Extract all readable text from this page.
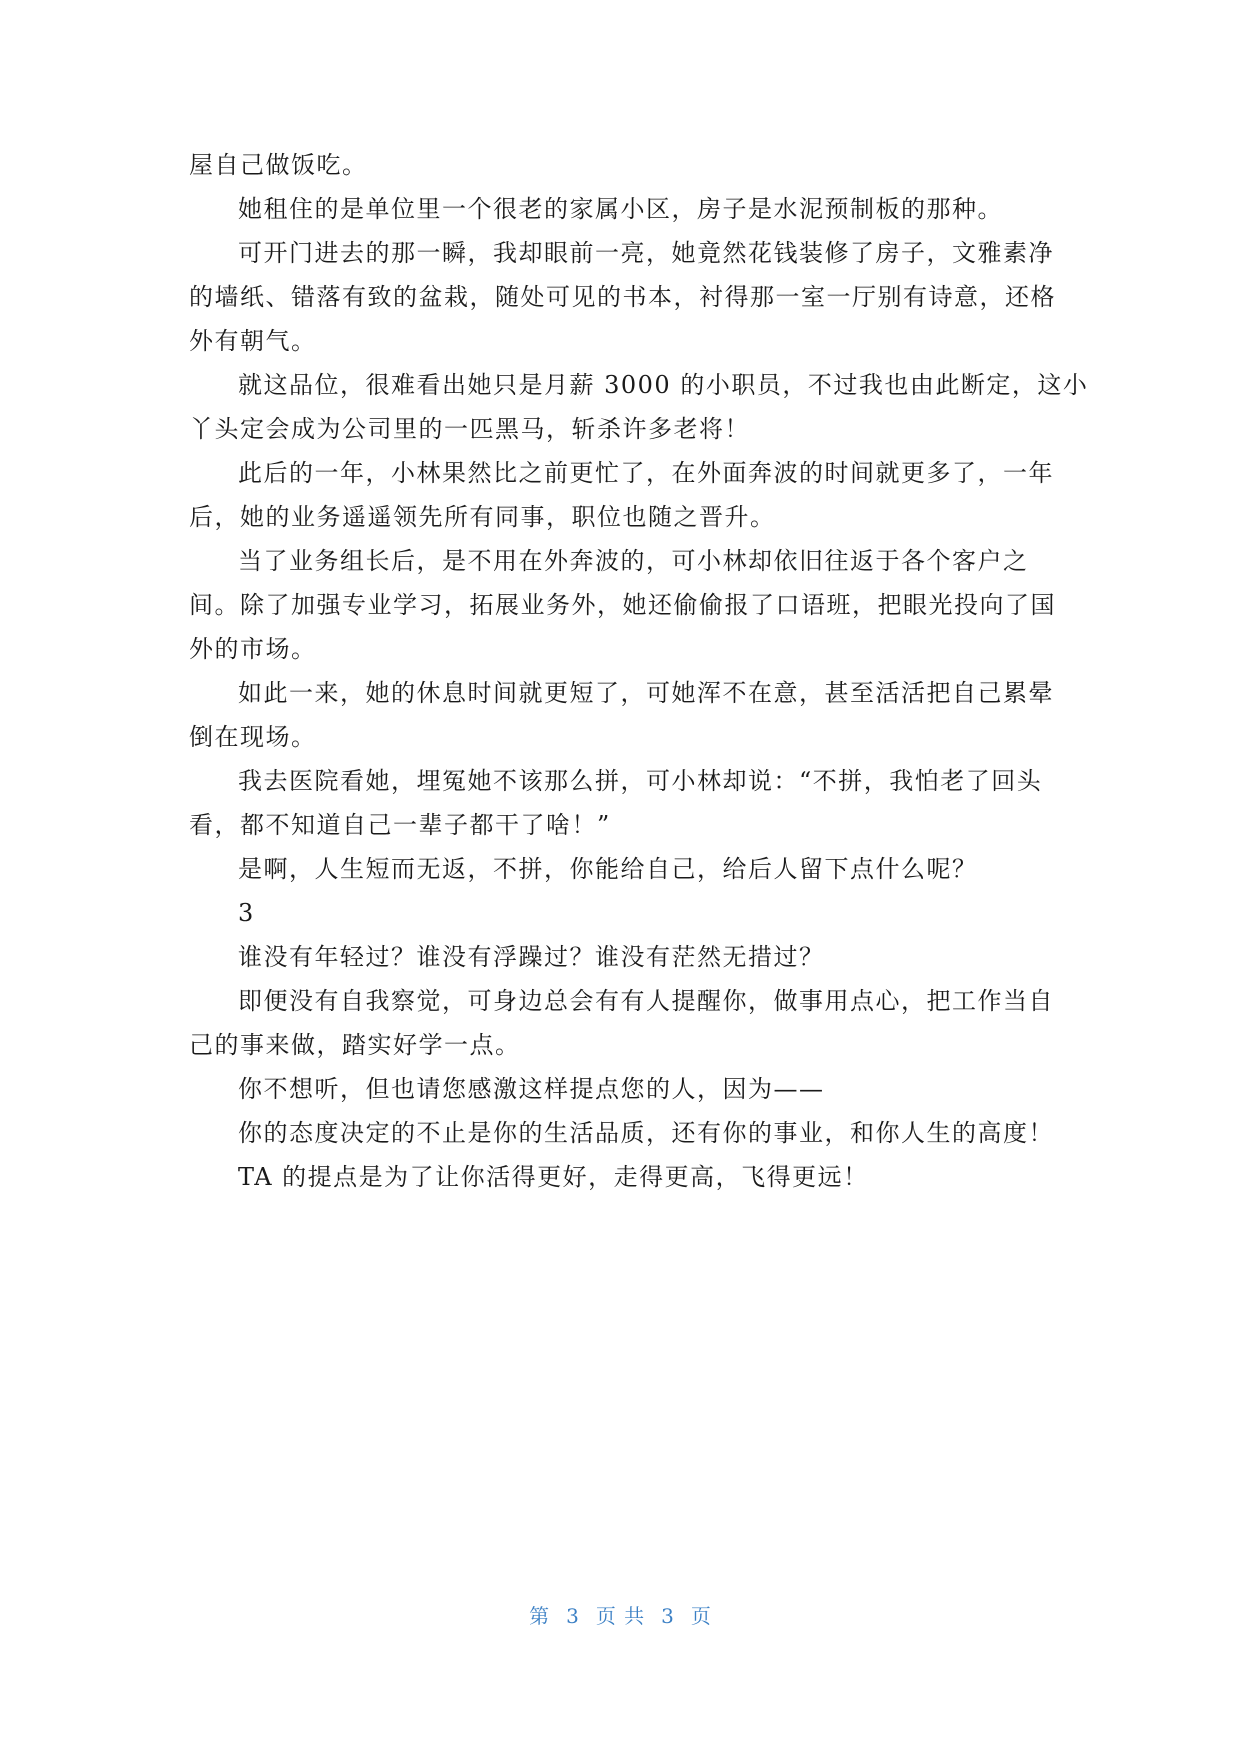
屋自己做饭吃。
她租住的是单位里一个很老的家属小区，房子是水泥预制板的那种。
可开门进去的那一瞬，我却眼前一亮，她竟然花钱装修了房子，文雅素净
的墙纸、错落有致的盆栽，随处可见的书本，衬得那一室一厅别有诗意，还格
外有朝气。
就这品位，很难看出她只是月薪 3000 的小职员，不过我也由此断定，这小
丫头定会成为公司里的一匹黑马，斩杀许多老将！
此后的一年，小林果然比之前更忙了，在外面奔波的时间就更多了，一年
后，她的业务遥遥领先所有同事，职位也随之晋升。
当了业务组长后，是不用在外奔波的，可小林却依旧往返于各个客户之
间。除了加强专业学习，拓展业务外，她还偷偷报了口语班，把眼光投向了国
外的市场。
如此一来，她的休息时间就更短了，可她浑不在意，甚至活活把自己累晕
倒在现场。
我去医院看她，埋冤她不该那么拼，可小林却说：“不拼，我怕老了回头
看，都不知道自己一辈子都干了啥！”
是啊，人生短而无返，不拼，你能给自己，给后人留下点什么呢？
3
谁没有年轻过？谁没有浮躁过？谁没有茫然无措过？
即便没有自我察觉，可身边总会有有人提醒你，做事用点心，把工作当自
己的事来做，踏实好学一点。
你不想听，但也请您感激这样提点您的人，因为——
你的态度决定的不止是你的生活品质，还有你的事业，和你人生的高度！
TA 的提点是为了让你活得更好，走得更高，飞得更远！
第 3 页 共 3 页
